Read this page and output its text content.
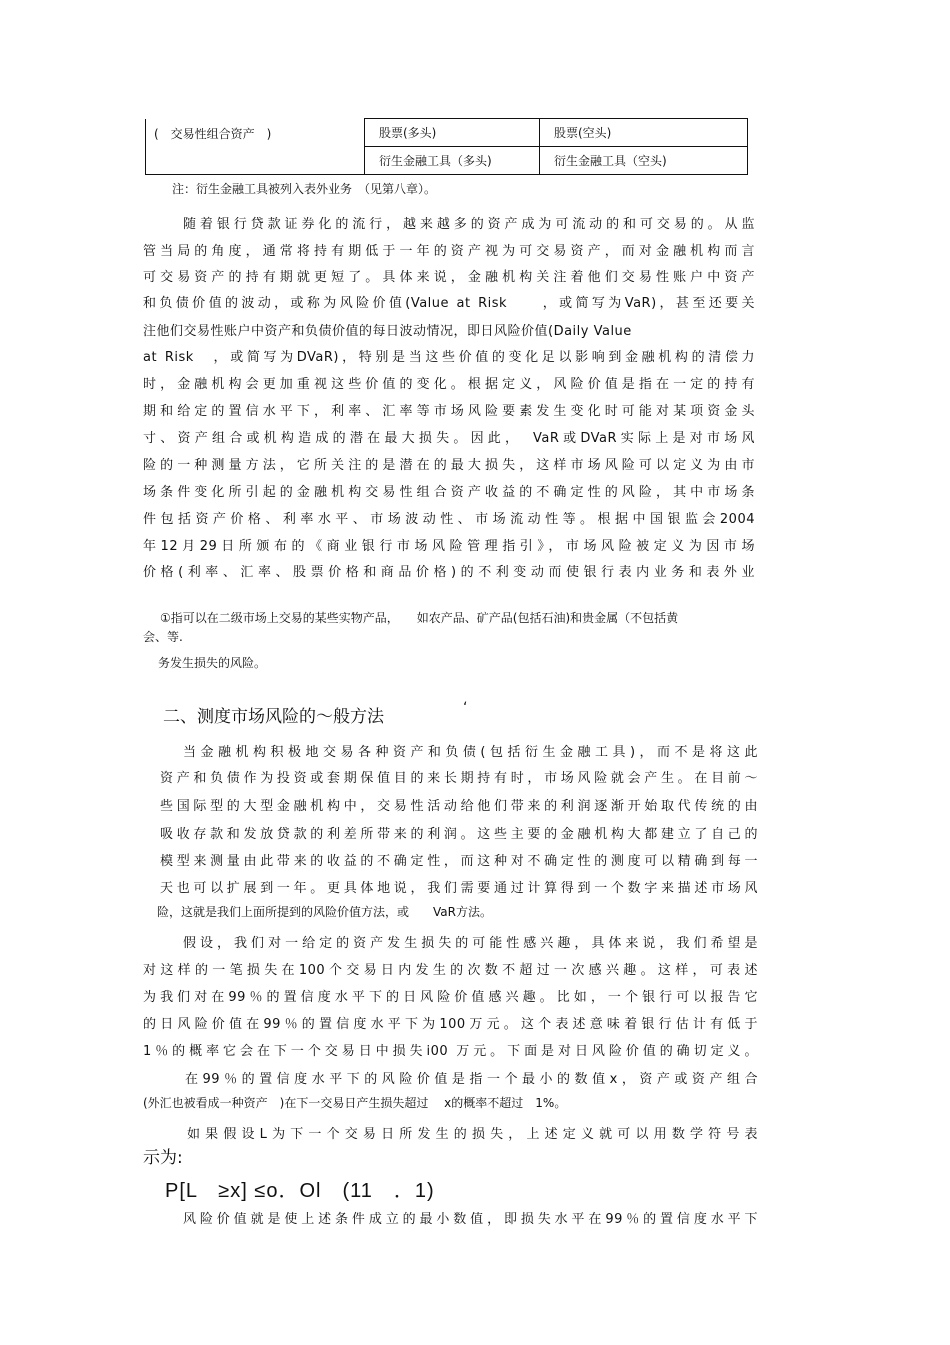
(　交易性组合资产　)	股票(多头)	股票(空头)
	衍生金融工具（多头)	衍生金融工具（空头)
注：衍生金融工具被列入表外业务　（见第八章）。
随着银行贷款证券化的流行，越来越多的资产成为可流动的和可交易的。从监
管当局的角度，通常将持有期低于一年的资产视为可交易资产，而对金融机构而言
可交易资产的持有期就更短了。具体来说，金融机构关注着他们交易性账户中资产
和负债价值的波动，或称为风险价值(Value at Risk　　，或简写为VaR)，甚至还要关
注他们交易性账户中资产和负债价值的每日波动情况，即日风险价值(Daily Value
at Risk　，或简写为DVaR)，特别是当这些价值的变化足以影响到金融机构的清偿力
时，金融机构会更加重视这些价值的变化。根据定义，风险价值是指在一定的持有
期和给定的置信水平下，利率、汇率等市场风险要素发生变化时可能对某项资金头
寸、资产组合或机构造成的潜在最大损失。因此，　VaR或DVaR实际上是对市场风
险的一种测量方法，它所关注的是潜在的最大损失，这样市场风险可以定义为由市
场条件变化所引起的金融机构交易性组合资产收益的不确定性的风险，其中市场条
件包括资产价格、利率水平、市场波动性、市场流动性等。根据中国银监会2004
年12月29日所颁布的《商业银行市场风险管理指引》，市场风险被定义为因市场
价格(利率、汇率、股票价格和商品价格)的不利变动而使银行表内业务和表外业
①指可以在二级市场上交易的某些实物产品，　　如农产品、矿产品(包括石油)和贵金属（不包括黄
会、等.
务发生损失的风险。
二、测度市场风险的～般方法	‘
当金融机构积极地交易各种资产和负债(包括衍生金融工具)，而不是将这此
资产和负债作为投资或套期保值目的来长期持有时，市场风险就会产生。在目前～
些国际型的大型金融机构中，交易性活动给他们带来的利润逐渐开始取代传统的由
吸收存款和发放贷款的利差所带来的利润。这些主要的金融机构大都建立了自己的
模型来测量由此带来的收益的不确定性，而这种对不确定性的测度可以精确到每一
天也可以扩展到一年。更具体地说，我们需要通过计算得到一个数字来描述市场风
险，这就是我们上面所提到的风险价值方法，或　　VaR方法。
假设，我们对一给定的资产发生损失的可能性感兴趣，具体来说，我们希望是
对这样的一笔损失在100个交易日内发生的次数不超过一次感兴趣。这样，可表述
为我们对在99％的置信度水平下的日风险价值感兴趣。比如，一个银行可以报告它
的日风险价值在99％的置信度水平下为100万元。这个表述意味着银行估计有低于
1％的概率它会在下一个交易日中损失i00 万元。下面是对日风险价值的确切定义。
在99％的置信度水平下的风险价值是指一个最小的数值x，资产或资产组合
(外汇也被看成一种资产　)在下一交易日产生损失超过　 x的概率不超过　1%。
如果假设L为下一个交易日所发生的损失，上述定义就可以用数学符号表
示为:
P[L　≥x] ≤o．Ol　(11　．1)
风险价值就是使上述条件成立的最小数值，即损失水平在99％的置信度水平下
